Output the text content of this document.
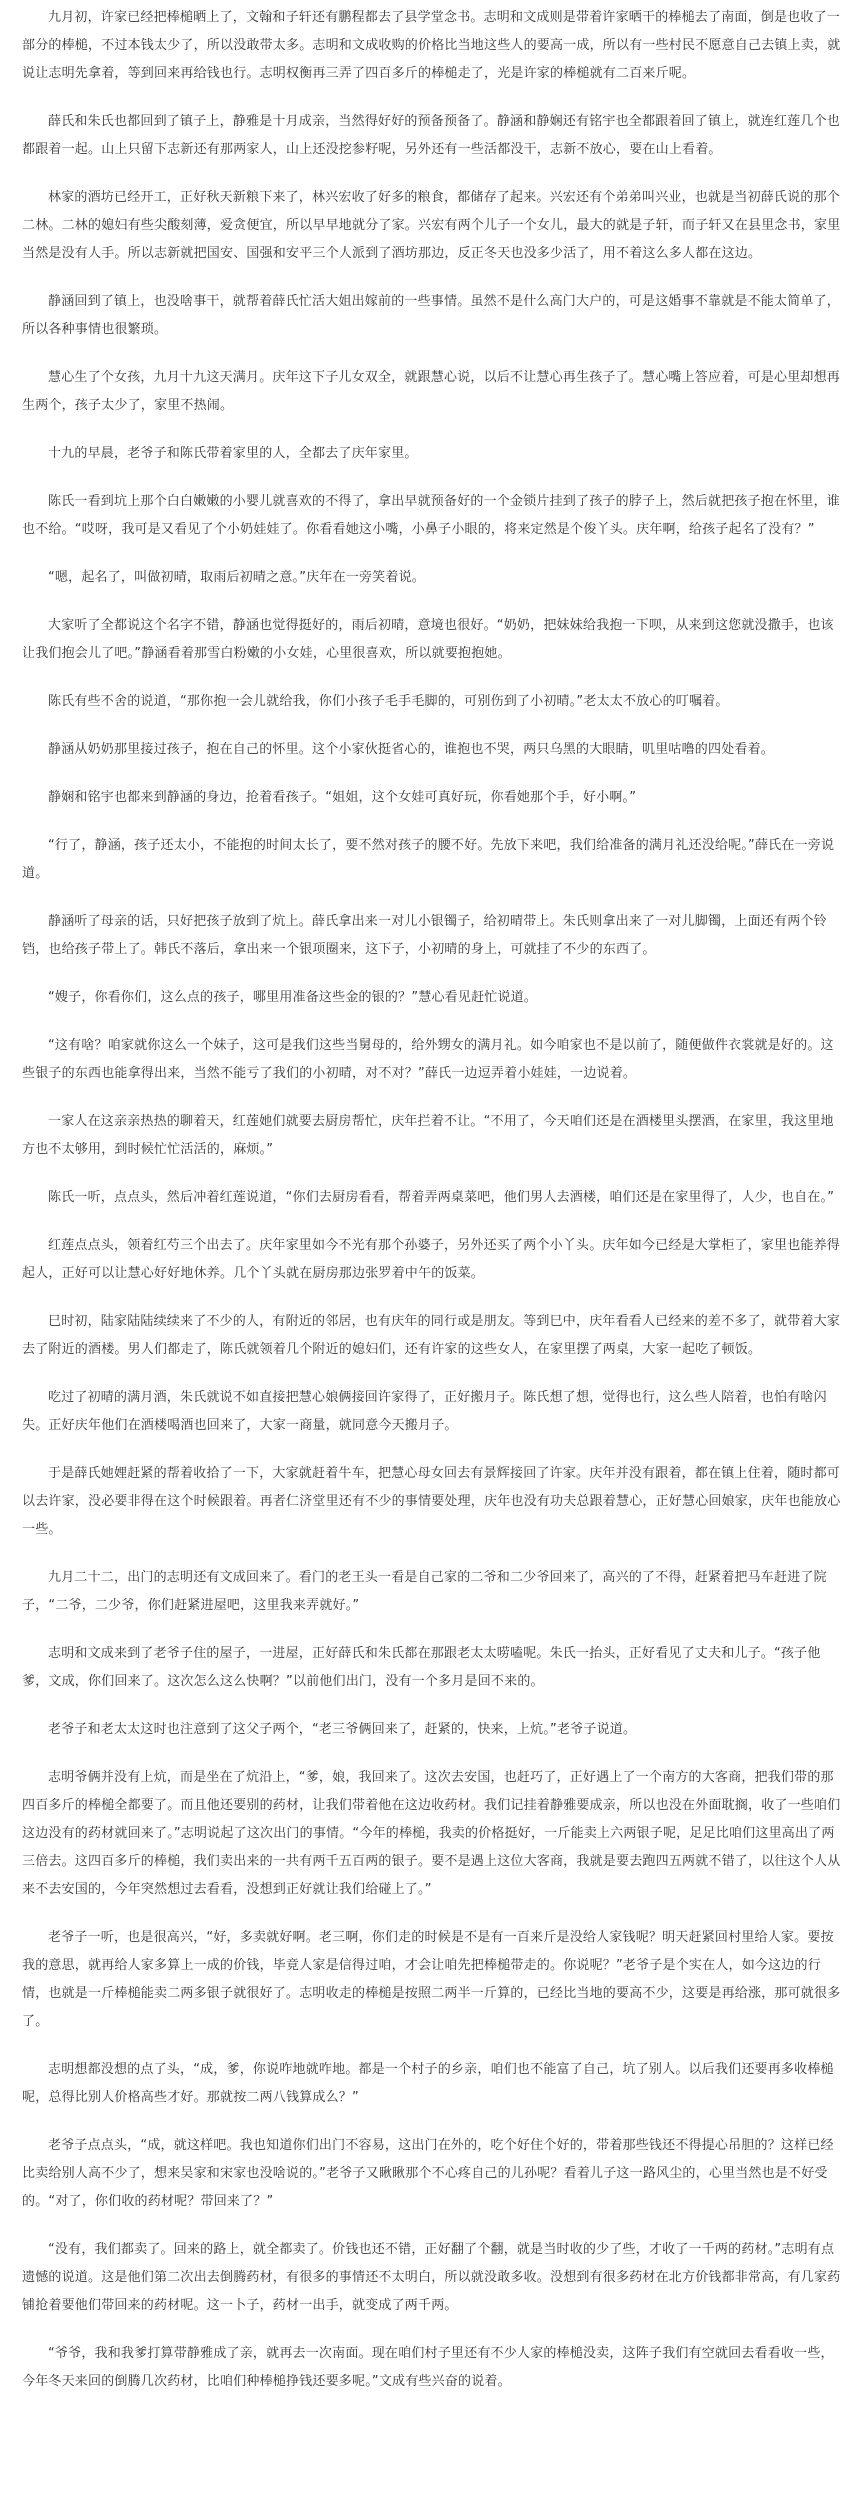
九月初，许家已经把棒槌晒上了，文翰和子轩还有鹏程都去了县学堂念书。志明和文成则是带着许家晒干的棒槌去了南面，倒是也收了一部分的棒槌，不过本钱太少了，所以没敢带太多。志明和文成收购的价格比当地这些人的要高一成，所以有一些村民不愿意自己去镇上卖，就说让志明先拿着，等到回来再给钱也行。志明权衡再三弄了四百多斤的棒槌走了，光是许家的棒槌就有二百来斤呢。

薛氏和朱氏也都回到了镇子上，静雅是十月成亲，当然得好好的预备预备了。静涵和静娴还有铭宇也全都跟着回了镇上，就连红莲几个也都跟着一起。山上只留下志新还有那两家人，山上还没挖参籽呢，另外还有一些活都没干，志新不放心，要在山上看着。

林家的酒坊已经开工，正好秋天新粮下来了，林兴宏收了好多的粮食，都储存了起来。兴宏还有个弟弟叫兴业，也就是当初薛氏说的那个二林。二林的媳妇有些尖酸刻薄，爱贪便宜，所以早早地就分了家。兴宏有两个儿子一个女儿，最大的就是子轩，而子轩又在县里念书，家里当然是没有人手。所以志新就把国安、国强和安平三个人派到了酒坊那边，反正冬天也没多少活了，用不着这么多人都在这边。

静涵回到了镇上，也没啥事干，就帮着薛氏忙活大姐出嫁前的一些事情。虽然不是什么高门大户的，可是这婚事不靠就是不能太简单了，所以各种事情也很繁琐。

慧心生了个女孩，九月十九这天满月。庆年这下子儿女双全，就跟慧心说，以后不让慧心再生孩子了。慧心嘴上答应着，可是心里却想再生两个，孩子太少了，家里不热闹。

十九的早晨，老爷子和陈氏带着家里的人，全都去了庆年家里。

陈氏一看到坑上那个白白嫩嫩的小婴儿就喜欢的不得了，拿出早就预备好的一个金锁片挂到了孩子的脖子上，然后就把孩子抱在怀里，谁也不给。“哎呀，我可是又看见了个小奶娃娃了。你看看她这小嘴，小鼻子小眼的，将来定然是个俊丫头。庆年啊，给孩子起名了没有？”

“嗯，起名了，叫做初晴，取雨后初晴之意。”庆年在一旁笑着说。

大家听了全都说这个名字不错，静涵也觉得挺好的，雨后初晴，意境也很好。“奶奶，把妹妹给我抱一下呗，从来到这您就没撒手，也该让我们抱会儿了吧。”静涵看着那雪白粉嫩的小女娃，心里很喜欢，所以就要抱抱她。

陈氏有些不舍的说道，“那你抱一会儿就给我，你们小孩子毛手毛脚的，可别伤到了小初晴。”老太太不放心的叮嘱着。

静涵从奶奶那里接过孩子，抱在自己的怀里。这个小家伙挺省心的，谁抱也不哭，两只乌黑的大眼睛，叽里咕噜的四处看着。

静娴和铭宇也都来到静涵的身边，抢着看孩子。“姐姐，这个女娃可真好玩，你看她那个手，好小啊。”

“行了，静涵，孩子还太小，不能抱的时间太长了，要不然对孩子的腰不好。先放下来吧，我们给准备的满月礼还没给呢。”薛氏在一旁说道。

静涵听了母亲的话，只好把孩子放到了炕上。薛氏拿出来一对儿小银镯子，给初晴带上。朱氏则拿出来了一对儿脚镯，上面还有两个铃铛，也给孩子带上了。韩氏不落后，拿出来一个银项圈来，这下子，小初晴的身上，可就挂了不少的东西了。

“嫂子，你看你们，这么点的孩子，哪里用准备这些金的银的？”慧心看见赶忙说道。

“这有啥？咱家就你这么一个妹子，这可是我们这些当舅母的，给外甥女的满月礼。如今咱家也不是以前了，随便做件衣裳就是好的。这些银子的东西也能拿得出来，当然不能亏了我们的小初晴，对不对？”薛氏一边逗弄着小娃娃，一边说着。

一家人在这亲亲热热的聊着天，红莲她们就要去厨房帮忙，庆年拦着不让。“不用了，今天咱们还是在酒楼里头摆酒，在家里，我这里地方也不太够用，到时候忙忙活活的，麻烦。”

陈氏一听，点点头，然后冲着红莲说道，“你们去厨房看看，帮着弄两桌菜吧，他们男人去酒楼，咱们还是在家里得了，人少，也自在。”

红莲点点头，领着红芍三个出去了。庆年家里如今不光有那个孙婆子，另外还买了两个小丫头。庆年如今已经是大掌柜了，家里也能养得起人，正好可以让慧心好好地休养。几个丫头就在厨房那边张罗着中午的饭菜。

巳时初，陆家陆陆续续来了不少的人，有附近的邻居，也有庆年的同行或是朋友。等到巳中，庆年看看人已经来的差不多了，就带着大家去了附近的酒楼。男人们都走了，陈氏就领着几个附近的媳妇们，还有许家的这些女人，在家里摆了两桌，大家一起吃了顿饭。

吃过了初晴的满月酒，朱氏就说不如直接把慧心娘俩接回许家得了，正好搬月子。陈氏想了想，觉得也行，这么些人陪着，也怕有啥闪失。正好庆年他们在酒楼喝酒也回来了，大家一商量，就同意今天搬月子。

于是薛氏她娌赶紧的帮着收拾了一下，大家就赶着牛车，把慧心母女回去有景辉接回了许家。庆年并没有跟着，都在镇上住着，随时都可以去许家，没必要非得在这个时候跟着。再者仁济堂里还有不少的事情要处理，庆年也没有功夫总跟着慧心，正好慧心回娘家，庆年也能放心一些。

九月二十二，出门的志明还有文成回来了。看门的老王头一看是自己家的二爷和二少爷回来了，高兴的了不得，赶紧着把马车赶进了院子，“二爷，二少爷，你们赶紧进屋吧，这里我来弄就好。”

志明和文成来到了老爷子住的屋子，一进屋，正好薛氏和朱氏都在那跟老太太唠嗑呢。朱氏一抬头，正好看见了丈夫和儿子。“孩子他爹，文成，你们回来了。这次怎么这么快啊？”以前他们出门，没有一个多月是回不来的。

老爷子和老太太这时也注意到了这父子两个，“老三爷俩回来了，赶紧的，快来，上炕。”老爷子说道。

志明爷俩并没有上炕，而是坐在了炕沿上，“爹，娘，我回来了。这次去安国，也赶巧了，正好遇上了一个南方的大客商，把我们带的那四百多斤的棒槌全都要了。而且他还要别的药材，让我们带着他在这边收药材。我们记挂着静雅要成亲，所以也没在外面耽搁，收了一些咱们这边没有的药材就回来了。”志明说起了这次出门的事情。“今年的棒槌，我卖的价格挺好，一斤能卖上六两银子呢，足足比咱们这里高出了两三倍去。这四百多斤的棒槌，我们卖出来的一共有两千五百两的银子。要不是遇上这位大客商，我就是要去跑四五两就不错了，以往这个人从来不去安国的，今年突然想过去看看，没想到正好就让我们给碰上了。”

老爷子一听，也是很高兴，“好，多卖就好啊。老三啊，你们走的时候是不是有一百来斤是没给人家钱呢？明天赶紧回村里给人家。要按我的意思，就再给人家多算上一成的价钱，毕竟人家是信得过咱，才会让咱先把棒槌带走的。你说呢？”老爷子是个实在人，如今这边的行情，也就是一斤棒槌能卖二两多银子就很好了。志明收走的棒槌是按照二两半一斤算的，已经比当地的要高不少，这要是再给涨，那可就很多了。

志明想都没想的点了头，“成，爹，你说咋地就咋地。都是一个村子的乡亲，咱们也不能富了自己，坑了别人。以后我们还要再多收棒槌呢，总得比别人价格高些才好。那就按二两八钱算成么？”

老爷子点点头，“成，就这样吧。我也知道你们出门不容易，这出门在外的，吃个好住个好的，带着那些钱还不得提心吊胆的？这样已经比卖给别人高不少了，想来吴家和宋家也没啥说的。”老爷子又瞅瞅那个不心疼自己的儿孙呢？看着儿子这一路风尘的，心里当然也是不好受的。“对了，你们收的药材呢？带回来了？”

“没有，我们都卖了。回来的路上，就全都卖了。价钱也还不错，正好翻了个翻，就是当时收的少了些，才收了一千两的药材。”志明有点遗憾的说道。这是他们第二次出去倒腾药材，有很多的事情还不太明白，所以就没敢多收。没想到有很多药材在北方价钱都非常高，有几家药铺抢着要他们带回来的药材呢。这一卜子，药材一出手，就变成了两千两。

“爷爷，我和我爹打算带静雅成了亲，就再去一次南面。现在咱们村子里还有不少人家的棒槌没卖，这阵子我们有空就回去看看收一些，今年冬天来回的倒腾几次药材，比咱们种棒槌挣钱还要多呢。”文成有些兴奋的说着。
